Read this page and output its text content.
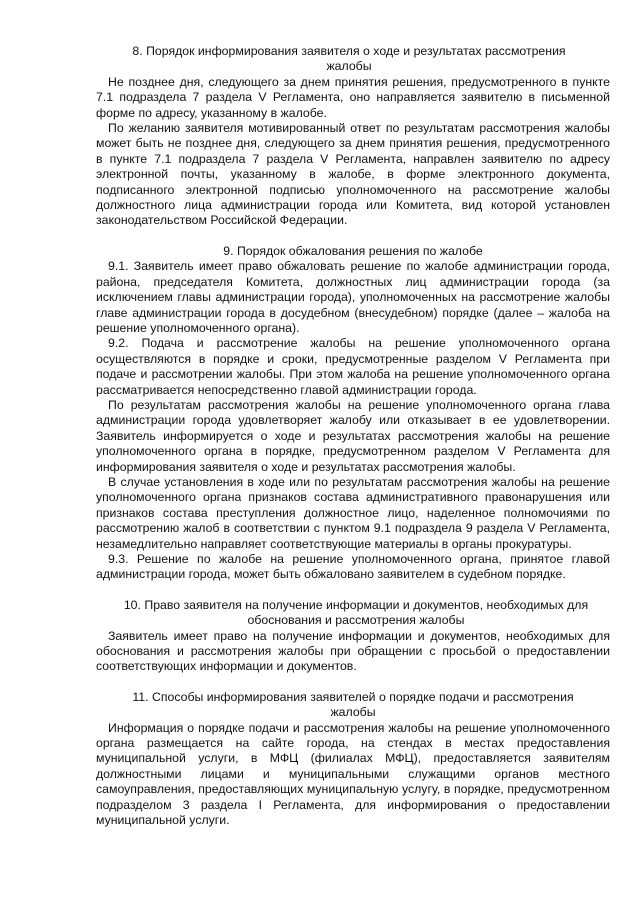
8. Порядок информирования заявителя о ходе и результатах рассмотрения жалобы

Не позднее дня, следующего за днем принятия решения, предусмотренного в пункте 7.1 подраздела 7 раздела V Регламента, оно направляется заявителю в письменной форме по адресу, указанному в жалобе.

По желанию заявителя мотивированный ответ по результатам рассмотрения жалобы может быть не позднее дня, следующего за днем принятия решения, предусмотренного в пункте 7.1 подраздела 7 раздела V Регламента, направлен заявителю по адресу электронной почты, указанному в жалобе, в форме электронного документа, подписанного электронной подписью уполномоченного на рассмотрение жалобы должностного лица администрации города или Комитета, вид которой установлен законодательством Российской Федерации.

9. Порядок обжалования решения по жалобе

9.1. Заявитель имеет право обжаловать решение по жалобе администрации города, района, председателя Комитета, должностных лиц администрации города (за исключением главы администрации города), уполномоченных на рассмотрение жалобы главе администрации города в досудебном (внесудебном) порядке (далее – жалоба на решение уполномоченного органа).

9.2. Подача и рассмотрение жалобы на решение уполномоченного органа осуществляются в порядке и сроки, предусмотренные разделом V Регламента при подаче и рассмотрении жалобы. При этом жалоба на решение уполномоченного органа рассматривается непосредственно главой администрации города.

По результатам рассмотрения жалобы на решение уполномоченного органа глава администрации города удовлетворяет жалобу или отказывает в ее удовлетворении. Заявитель информируется о ходе и результатах рассмотрения жалобы на решение уполномоченного органа в порядке, предусмотренном разделом V Регламента для информирования заявителя о ходе и результатах рассмотрения жалобы.

В случае установления в ходе или по результатам рассмотрения жалобы на решение уполномоченного органа признаков состава административного правонарушения или признаков состава преступления должностное лицо, наделенное полномочиями по рассмотрению жалоб в соответствии с пунктом 9.1 подраздела 9 раздела V Регламента, незамедлительно направляет соответствующие материалы в органы прокуратуры.

9.3. Решение по жалобе на решение уполномоченного органа, принятое главой администрации города, может быть обжаловано заявителем в судебном порядке.

10. Право заявителя на получение информации и документов, необходимых для обоснования и рассмотрения жалобы

Заявитель имеет право на получение информации и документов, необходимых для обоснования и рассмотрения жалобы при обращении с просьбой о предоставлении соответствующих информации и документов.

11. Способы информирования заявителей о порядке подачи и рассмотрения жалобы

Информация о порядке подачи и рассмотрения жалобы на решение уполномоченного органа размещается на сайте города, на стендах в местах предоставления муниципальной услуги, в МФЦ (филиалах МФЦ), предоставляется заявителям должностными лицами и муниципальными служащими органов местного самоуправления, предоставляющих муниципальную услугу, в порядке, предусмотренном подразделом 3 раздела I Регламента, для информирования о предоставлении муниципальной услуги.
